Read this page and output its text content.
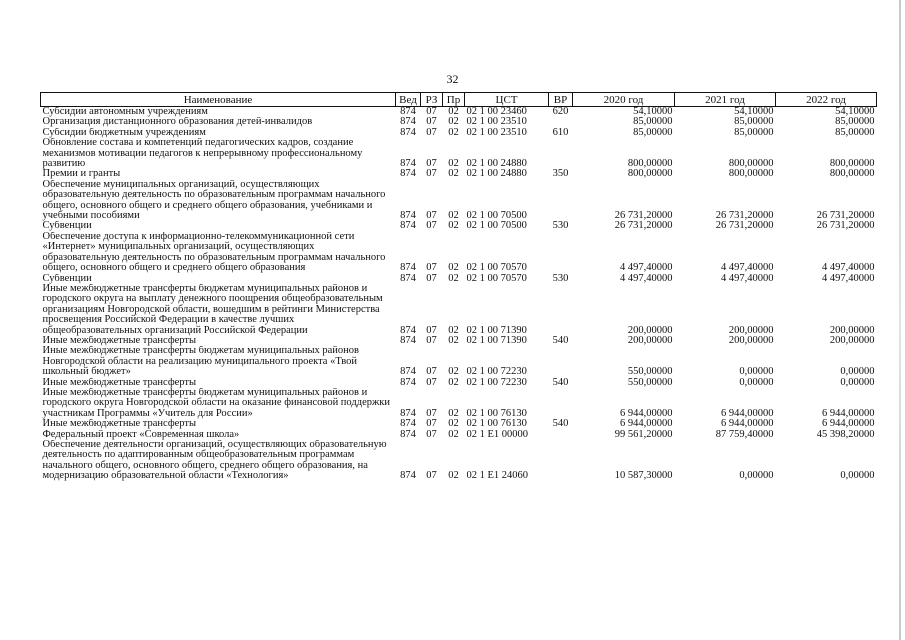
32
Наименование	Вед	РЗ	Пр	ЦСТ	ВР	2020 год	2021 год	2022 год
Субсидии автономным учреждениям	874	07	02	02 1 00 23460	620	54,10000	54,10000	54,10000
Организация дистанционного образования детей-инвалидов	874	07	02	02 1 00 23510		85,00000	85,00000	85,00000
Субсидии бюджетным учреждениям	874	07	02	02 1 00 23510	610	85,00000	85,00000	85,00000
Обновление состава и компетенций педагогических кадров, создание механизмов мотивации педагогов к непрерывному профессиональному развитию	874	07	02	02 1 00 24880		800,00000	800,00000	800,00000
Премии и гранты	874	07	02	02 1 00 24880	350	800,00000	800,00000	800,00000
Обеспечение муниципальных организаций, осуществляющих образовательную деятельность по образовательным программам начального общего, основного общего и среднего общего образования, учебниками и учебными пособиями	874	07	02	02 1 00 70500		26 731,20000	26 731,20000	26 731,20000
Субвенции	874	07	02	02 1 00 70500	530	26 731,20000	26 731,20000	26 731,20000
Обеспечение доступа к информационно-телекоммуникационной сети «Интернет» муниципальных организаций, осуществляющих образовательную деятельность по образовательным программам начального общего, основного общего и среднего общего образования	874	07	02	02 1 00 70570		4 497,40000	4 497,40000	4 497,40000
Субвенции	874	07	02	02 1 00 70570	530	4 497,40000	4 497,40000	4 497,40000
Иные межбюджетные трансферты бюджетам муниципальных районов и городского округа на выплату денежного поощрения общеобразовательным организациям Новгородской области, вошедшим в рейтинги Министерства просвещения Российской Федерации в качестве лучших общеобразовательных организаций Российской Федерации	874	07	02	02 1 00 71390		200,00000	200,00000	200,00000
Иные межбюджетные трансферты	874	07	02	02 1 00 71390	540	200,00000	200,00000	200,00000
Иные межбюджетные трансферты бюджетам муниципальных районов Новгородской области на реализацию муниципального проекта «Твой школьный бюджет»	874	07	02	02 1 00 72230		550,00000	0,00000	0,00000
Иные межбюджетные трансферты	874	07	02	02 1 00 72230	540	550,00000	0,00000	0,00000
Иные межбюджетные трансферты бюджетам муниципальных районов и городского округа Новгородской области на оказание финансовой поддержки участникам Программы «Учитель для России»	874	07	02	02 1 00 76130		6 944,00000	6 944,00000	6 944,00000
Иные межбюджетные трансферты	874	07	02	02 1 00 76130	540	6 944,00000	6 944,00000	6 944,00000
Федеральный проект «Современная школа»	874	07	02	02 1 E1 00000		99 561,20000	87 759,40000	45 398,20000
Обеспечение деятельности организаций, осуществляющих образовательную деятельность по адаптированным общеобразовательным программам начального общего, основного общего, среднего общего образования, на модернизацию образовательной области «Технология»	874	07	02	02 1 E1 24060		10 587,30000	0,00000	0,00000
